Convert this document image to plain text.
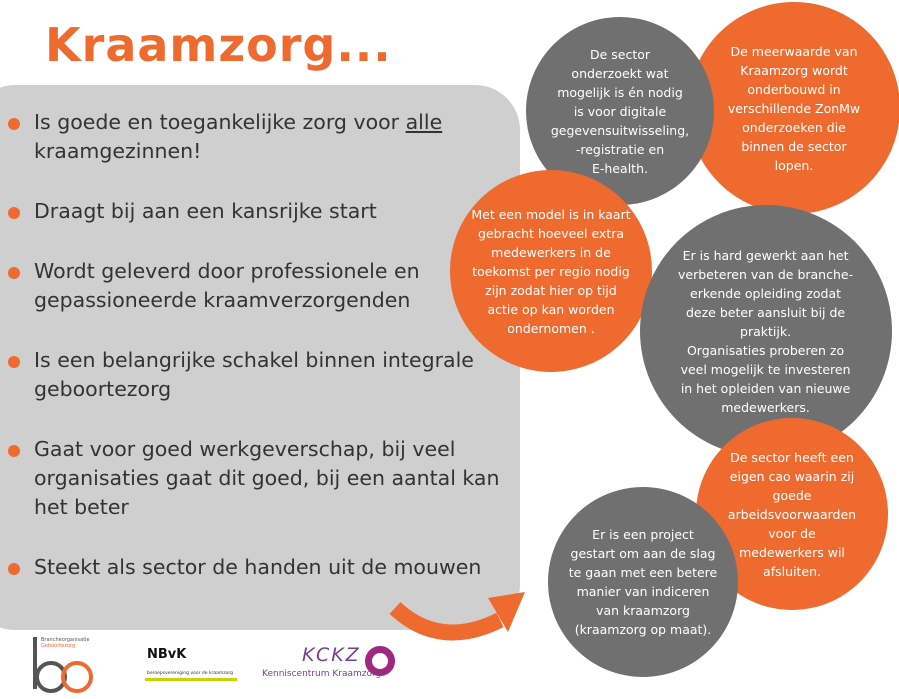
Kraamzorg...
Is goede en toegankelijke zorg voor alle kraamgezinnen!
Draagt bij aan een kansrijke start
Wordt geleverd door professionele en gepassioneerde kraamverzorgenden
Is een belangrijke schakel binnen integrale geboortezorg
Gaat voor goed werkgeverschap, bij veel organisaties gaat dit goed, bij een aantal kan het beter
Steekt als sector de handen uit de mouwen
De meerwaarde van
Kraamzorg wordt
onderbouwd in
verschillende ZonMw
onderzoeken die
binnen de sector
lopen.
De sector
onderzoekt wat
mogelijk is én nodig
is voor digitale
gegevensuitwisseling,
-registratie en
E-health.
Met een model is in kaart
gebracht hoeveel extra
medewerkers in de
toekomst per regio nodig
zijn zodat hier op tijd
actie op kan worden
ondernomen .
Er is hard gewerkt aan het
verbeteren van de branche-
erkende opleiding zodat
deze beter aansluit bij de
praktijk.
Organisaties proberen zo
veel mogelijk te investeren
in het opleiden van nieuwe
medewerkers.
De sector heeft een
eigen cao waarin zij
goede
arbeidsvoorwaarden
voor de
medewerkers wil
afsluiten.
Er is een project
gestart om aan de slag
te gaan met een betere
manier van indiceren
van kraamzorg
(kraamzorg op maat).
Brancheorganisatie
Geboortezorg
NBvK
beroepsvereniging voor de kraamzorg
KCKZ
Kenniscentrum Kraamzorg
